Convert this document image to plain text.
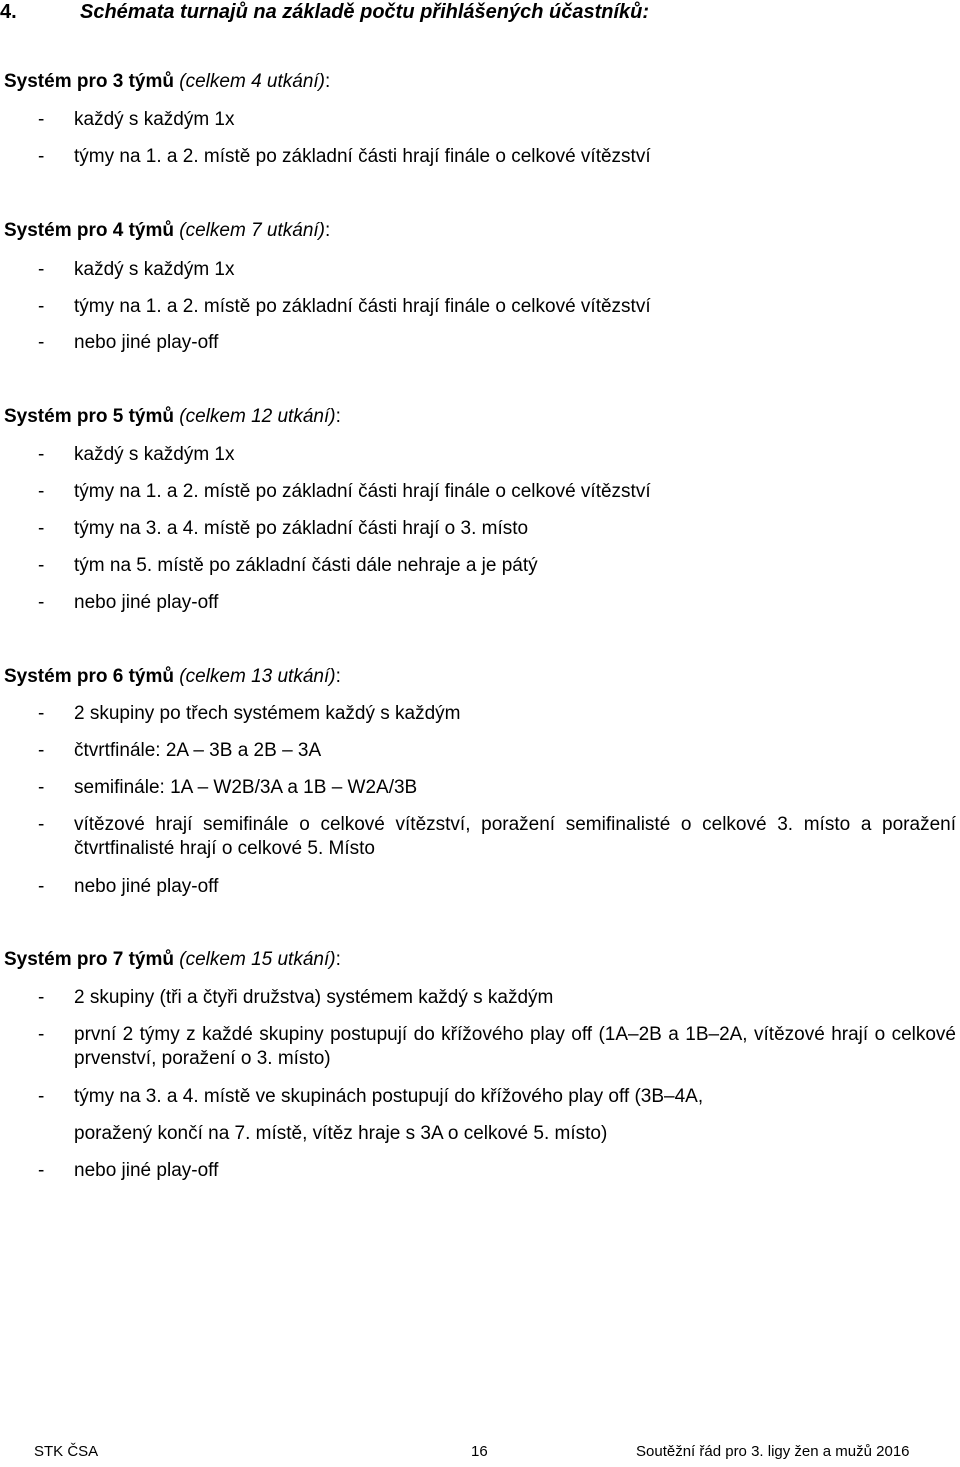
4.	Schémata turnajů na základě počtu přihlášených účastníků:
Systém pro 3 týmů (celkem 4 utkání):
- každý s každým 1x
- týmy na 1. a 2. místě po základní části hrají finále o celkové vítězství
Systém pro 4 týmů (celkem 7 utkání):
- každý s každým 1x
- týmy na 1. a 2. místě po základní části hrají finále o celkové vítězství
- nebo jiné play-off
Systém pro 5 týmů (celkem 12 utkání):
- každý s každým 1x
- týmy na 1. a 2. místě po základní části hrají finále o celkové vítězství
- týmy na 3. a 4. místě po základní části hrají o 3. místo
- tým na 5. místě po základní části dále nehraje a je pátý
- nebo jiné play-off
Systém pro 6 týmů (celkem 13 utkání):
- 2 skupiny po třech systémem každý s každým
- čtvrtfinále: 2A – 3B a 2B – 3A
- semifinále: 1A – W2B/3A a 1B – W2A/3B
- vítězové hrají semifinále o celkové vítězství, poražení semifinalisté o celkové 3. místo a poražení čtvrtfinalisté hrají o celkové 5. Místo
- nebo jiné play-off
Systém pro 7 týmů (celkem 15 utkání):
- 2 skupiny (tři a čtyři družstva) systémem každý s každým
- první 2 týmy z každé skupiny postupují do křížového play off (1A–2B a 1B–2A, vítězové hrají o celkové prvenství, poražení o 3. místo)
- týmy na 3. a 4. místě ve skupinách postupují do křížového play off (3B–4A,
poražený končí na 7. místě, vítěz hraje s 3A o celkové 5. místo)
- nebo jiné play-off
STK ČSA	16	Soutěžní řád pro 3. ligy žen a mužů 2016
